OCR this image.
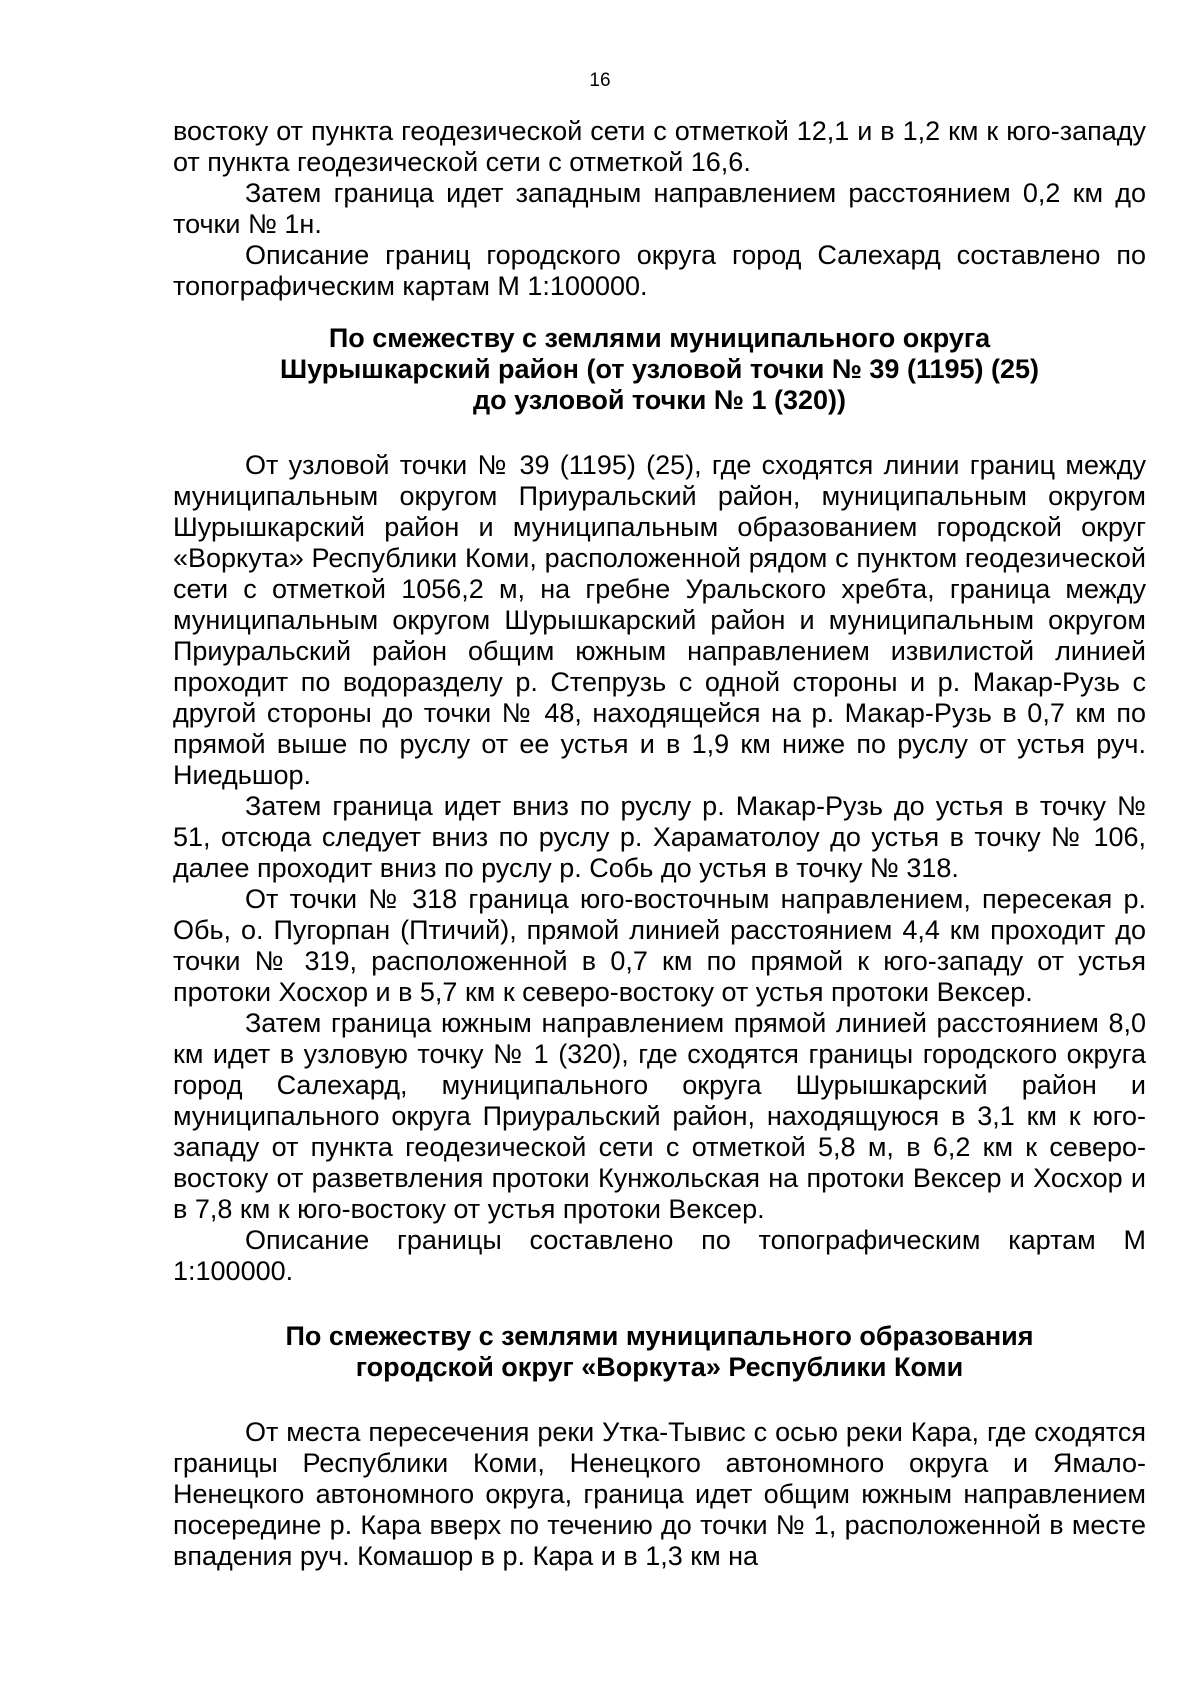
16

востоку от пункта геодезической сети с отметкой 12,1 и в 1,2 км к юго-западу от пункта геодезической сети с отметкой 16,6.

Затем граница идет западным направлением расстоянием 0,2 км до точки № 1н.

Описание границ городского округа город Салехард составлено по топографическим картам М 1:100000.

По смежеству с землями муниципального округа
Шурышкарский район (от узловой точки № 39 (1195) (25)
до узловой точки № 1 (320))

От узловой точки № 39 (1195) (25), где сходятся линии границ между муниципальным округом Приуральский район, муниципальным округом Шурышкарский район и муниципальным образованием городской округ «Воркута» Республики Коми, расположенной рядом с пунктом геодезической сети с отметкой 1056,2 м, на гребне Уральского хребта, граница между муниципальным округом Шурышкарский район и муниципальным округом Приуральский район общим южным направлением извилистой линией проходит по водоразделу р. Степрузь с одной стороны и р. Макар-Рузь с другой стороны до точки № 48, находящейся на р. Макар-Рузь в 0,7 км по прямой выше по руслу от ее устья и в 1,9 км ниже по руслу от устья руч. Ниедьшор.

Затем граница идет вниз по руслу р. Макар-Рузь до устья в точку № 51, отсюда следует вниз по руслу р. Хараматолоу до устья в точку № 106, далее проходит вниз по руслу р. Собь до устья в точку № 318.

От точки № 318 граница юго-восточным направлением, пересекая р. Обь, о. Пугорпан (Птичий), прямой линией расстоянием 4,4 км проходит до точки № 319, расположенной в 0,7 км по прямой к юго-западу от устья протоки Хосхор и в 5,7 км к северо-востоку от устья протоки Вексер.

Затем граница южным направлением прямой линией расстоянием 8,0 км идет в узловую точку № 1 (320), где сходятся границы городского округа город Салехард, муниципального округа Шурышкарский район и муниципального округа Приуральский район, находящуюся в 3,1 км к юго-западу от пункта геодезической сети с отметкой 5,8 м, в 6,2 км к северо-востоку от разветвления протоки Кунжольская на протоки Вексер и Хосхор и в 7,8 км к юго-востоку от устья протоки Вексер.

Описание границы составлено по топографическим картам М 1:100000.

По смежеству с землями муниципального образования
городской округ «Воркута» Республики Коми

От места пересечения реки Утка-Тывис с осью реки Кара, где сходятся границы Республики Коми, Ненецкого автономного округа и Ямало-Ненецкого автономного округа, граница идет общим южным направлением посередине р. Кара вверх по течению до точки № 1, расположенной в месте впадения руч. Комашор в р. Кара и в 1,3 км на
